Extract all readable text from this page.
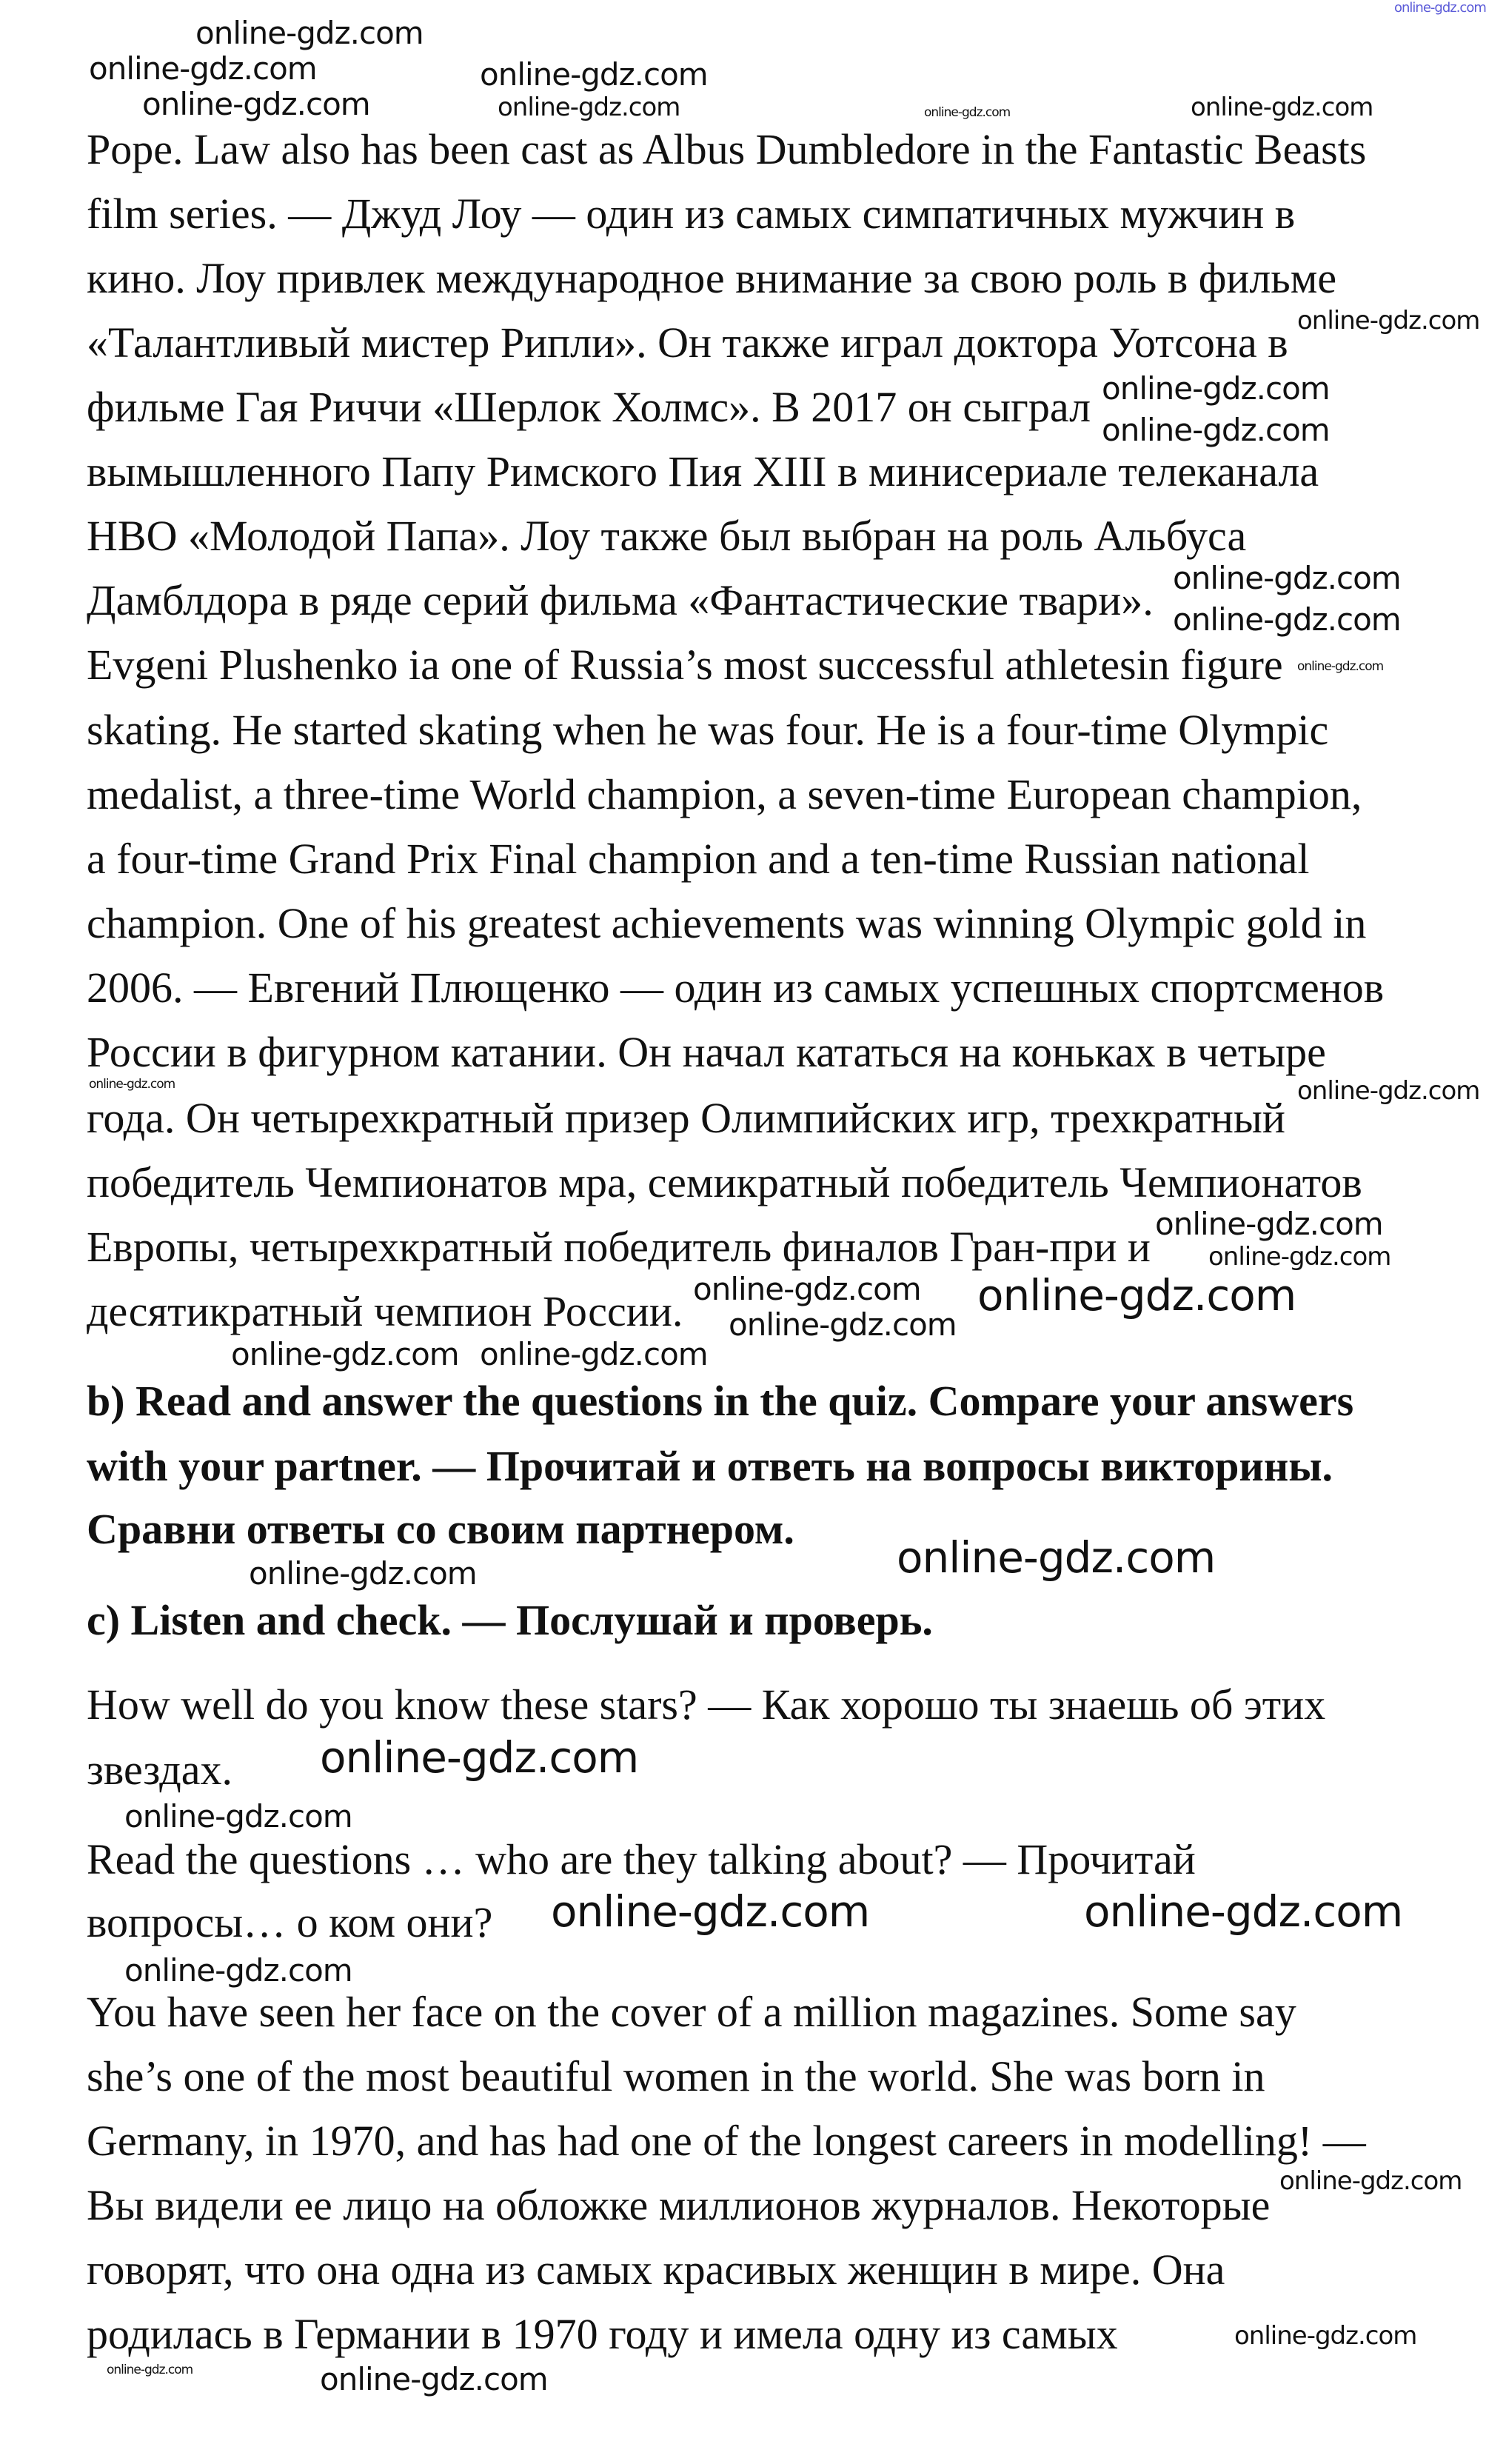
Pope. Law also has been cast as Albus Dumbledore in the Fantastic Beasts
film series. — Джуд Лоу — один из самых симпатичных мужчин в
кино. Лоу привлек международное внимание за свою роль в фильме
«Талантливый мистер Рипли». Он также играл доктора Уотсона в
фильме Гая Риччи «Шерлок Холмс». В 2017 он сыграл
вымышленного Папу Римского Пия XIII в минисериале телеканала
HBO «Молодой Папа». Лоу также был выбран на роль Альбуса
Дамблдора в ряде серий фильма «Фантастические твари».
Evgeni Plushenko ia one of Russia’s most successful athletesin figure
skating. He started skating when he was four. He is a four-time Olympic
medalist, a three-time World champion, a seven-time European champion,
a four-time Grand Prix Final champion and a ten-time Russian national
champion. One of his greatest achievements was winning Olympic gold in
2006. — Евгений Плющенко — один из самых успешных спортсменов
России в фигурном катании. Он начал кататься на коньках в четыре
года. Он четырехкратный призер Олимпийских игр, трехкратный
победитель Чемпионатов мра, семикратный победитель Чемпионатов
Европы, четырехкратный победитель финалов Гран-при и
десятикратный чемпион России.
b) Read and answer the questions in the quiz. Compare your answers
with your partner. — Прочитай и ответь на вопросы викторины.
Сравни ответы со своим партнером.
c) Listen and check. — Послушай и проверь.
How well do you know these stars? — Как хорошо ты знаешь об этих
звездах.
Read the questions … who are they talking about? — Прочитай
вопросы… о ком они?
You have seen her face on the cover of a million magazines. Some say
she’s one of the most beautiful women in the world. She was born in
Germany, in 1970, and has had one of the longest careers in modelling! —
Вы видели ее лицо на обложке миллионов журналов. Некоторые
говорят, что она одна из самых красивых женщин в мире. Она
родилась в Германии в 1970 году и имела одну из самых
online-gdz.com
online-gdz.com
online-gdz.com	online-gdz.com	online-gdz.com
online-gdz.com
online-gdz.com
online-gdz.com	online-gdz.com
online-gdz.com
online-gdz.com
online-gdz.com
online-gdz.com
online-gdz.com
online-gdz.com
online-gdz.com
online-gdz.com
online-gdz.com
online-gdz.com
online-gdz.com
online-gdz.com
online-gdz.com
online-gdz.com
online-gdz.com
online-gdz.com
online-gdz.com
online-gdz.com
online-gdz.com	online-gdz.com
online-gdz.com
online-gdz.com
online-gdz.com	online-gdz.com
online-gdz.com
